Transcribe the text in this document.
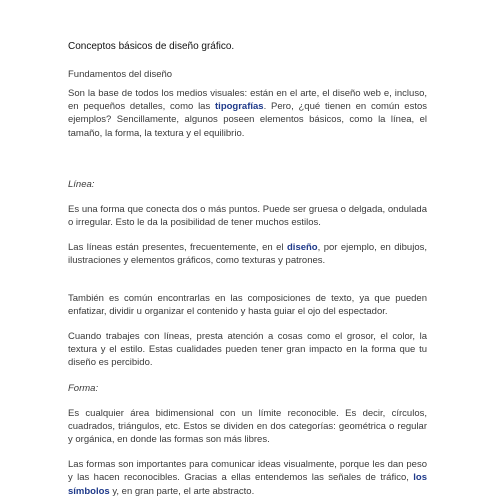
Conceptos básicos de diseño gráfico.
Fundamentos del diseño

Son la base de todos los medios visuales: están en el arte, el diseño web e, incluso, en pequeños detalles, como las tipografías. Pero, ¿qué tienen en común estos ejemplos? Sencillamente, algunos poseen elementos básicos, como la línea, el tamaño, la forma, la textura y el equilibrio.

Línea:

Es una forma que conecta dos o más puntos. Puede ser gruesa o delgada, ondulada o irregular. Esto le da la posibilidad de tener muchos estilos.

Las líneas están presentes, frecuentemente, en el diseño, por ejemplo, en dibujos, ilustraciones y elementos gráficos, como texturas y patrones.

También es común encontrarlas en las composiciones de texto, ya que pueden enfatizar, dividir u organizar el contenido y hasta guiar el ojo del espectador.

Cuando trabajes con líneas, presta atención a cosas como el grosor, el color, la textura y el estilo. Estas cualidades pueden tener gran impacto en la forma que tu diseño es percibido.

Forma:

Es cualquier área bidimensional con un límite reconocible. Es decir, círculos, cuadrados, triángulos, etc. Estos se dividen en dos categorías: geométrica o regular y orgánica, en donde las formas son más libres.

Las formas son importantes para comunicar ideas visualmente, porque les dan peso y las hacen reconocibles. Gracias a ellas entendemos las señales de tráfico, los símbolos y, en gran parte, el arte abstracto.
